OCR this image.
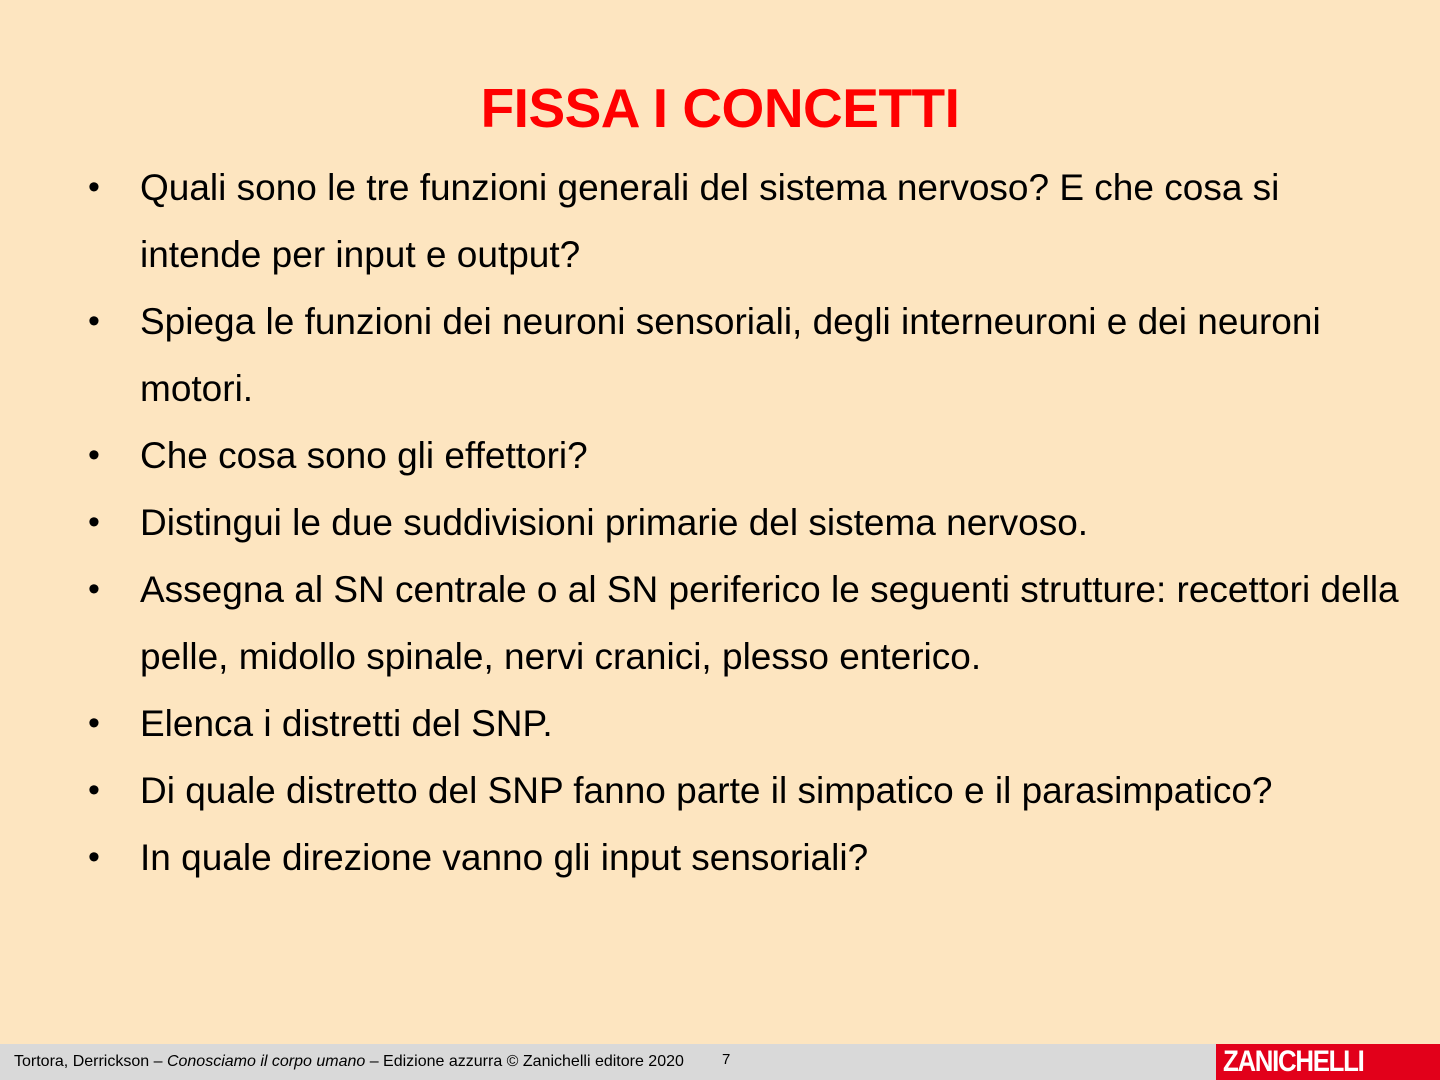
FISSA I CONCETTI
• Quali sono le tre funzioni generali del sistema nervoso? E che cosa si intende per input e output?
• Spiega le funzioni dei neuroni sensoriali, degli interneuroni e dei neuroni motori.
• Che cosa sono gli effettori?
• Distingui le due suddivisioni primarie del sistema nervoso.
• Assegna al SN centrale o al SN periferico le seguenti strutture: recettori della pelle, midollo spinale, nervi cranici, plesso enterico.
• Elenca i distretti del SNP.
• Di quale distretto del SNP fanno parte il simpatico e il parasimpatico?
• In quale direzione vanno gli input sensoriali?
Tortora, Derrickson – Conosciamo il corpo umano – Edizione azzurra © Zanichelli editore 2020	7	ZANICHELLI
